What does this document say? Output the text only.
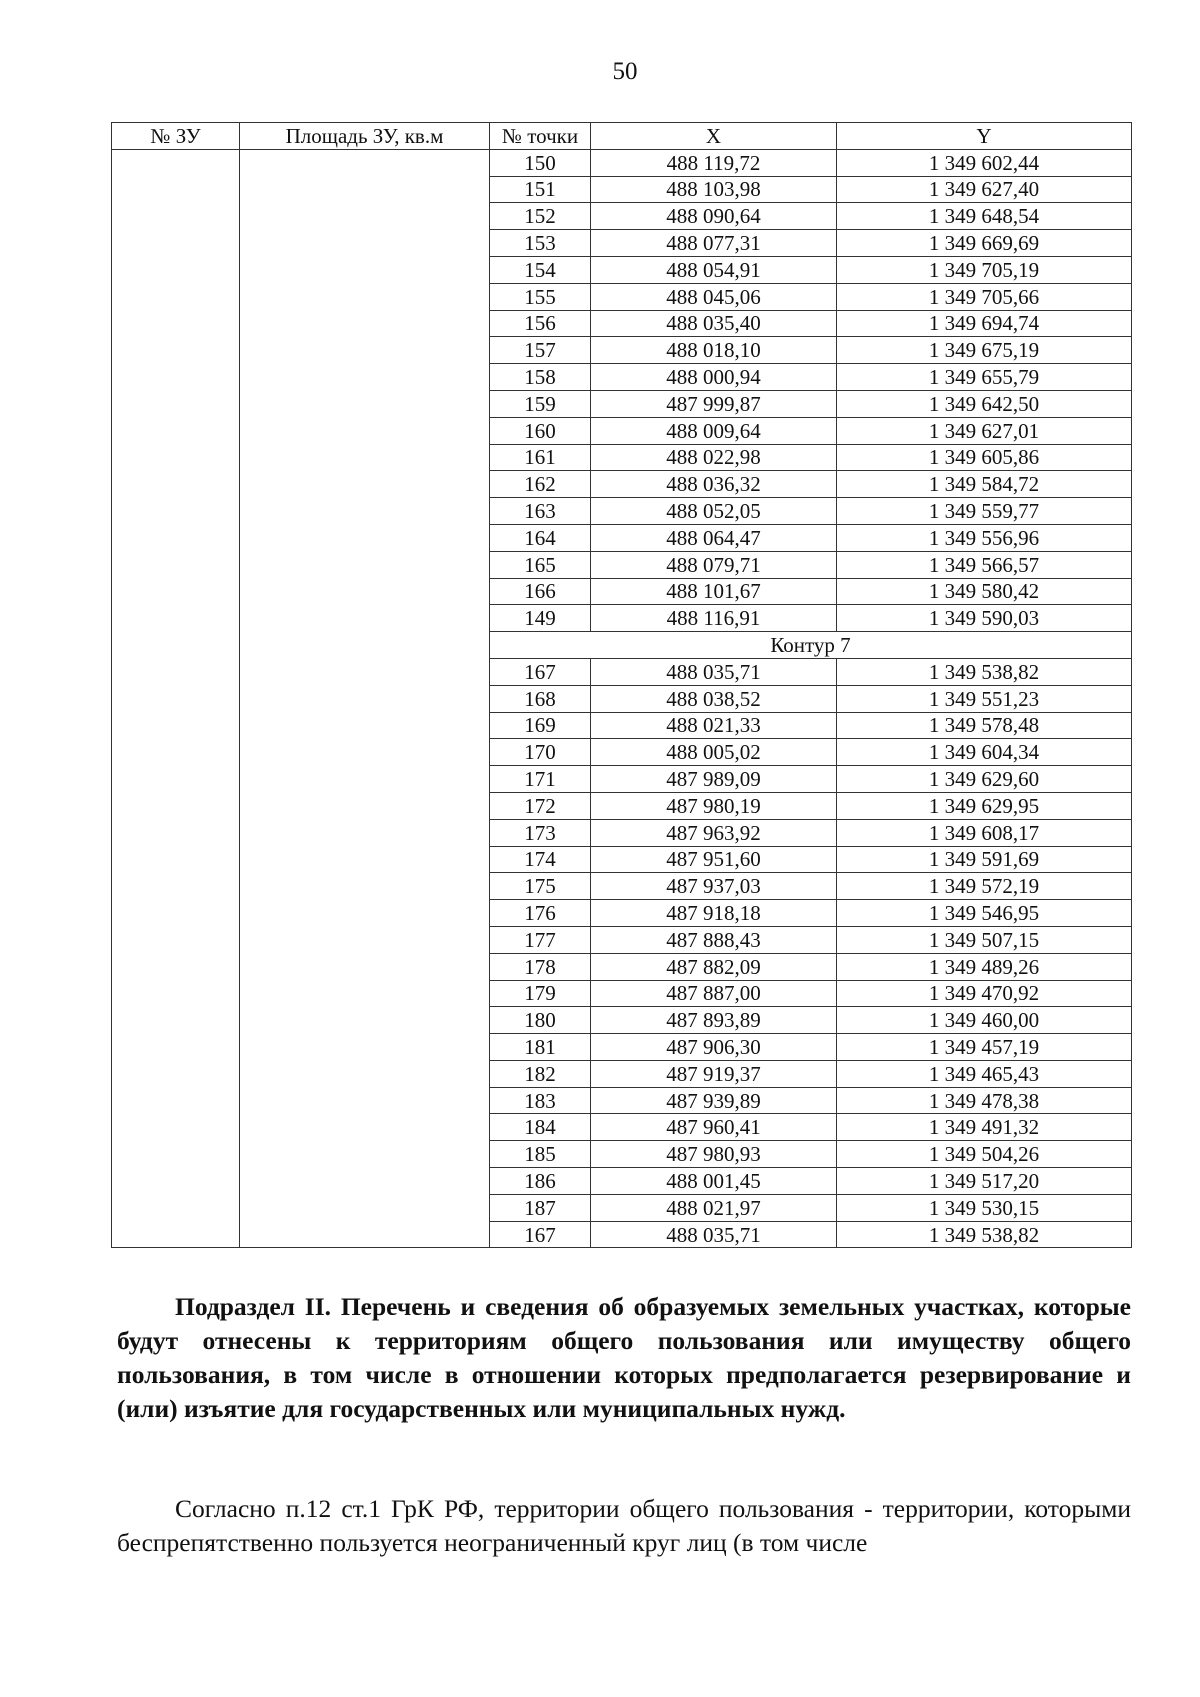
50
№ ЗУ	Площадь ЗУ, кв.м	№ точки	X	Y
		150	488 119,72	1 349 602,44
		151	488 103,98	1 349 627,40
		152	488 090,64	1 349 648,54
		153	488 077,31	1 349 669,69
		154	488 054,91	1 349 705,19
		155	488 045,06	1 349 705,66
		156	488 035,40	1 349 694,74
		157	488 018,10	1 349 675,19
		158	488 000,94	1 349 655,79
		159	487 999,87	1 349 642,50
		160	488 009,64	1 349 627,01
		161	488 022,98	1 349 605,86
		162	488 036,32	1 349 584,72
		163	488 052,05	1 349 559,77
		164	488 064,47	1 349 556,96
		165	488 079,71	1 349 566,57
		166	488 101,67	1 349 580,42
		149	488 116,91	1 349 590,03
		Контур 7		
		167	488 035,71	1 349 538,82
		168	488 038,52	1 349 551,23
		169	488 021,33	1 349 578,48
		170	488 005,02	1 349 604,34
		171	487 989,09	1 349 629,60
		172	487 980,19	1 349 629,95
		173	487 963,92	1 349 608,17
		174	487 951,60	1 349 591,69
		175	487 937,03	1 349 572,19
		176	487 918,18	1 349 546,95
		177	487 888,43	1 349 507,15
		178	487 882,09	1 349 489,26
		179	487 887,00	1 349 470,92
		180	487 893,89	1 349 460,00
		181	487 906,30	1 349 457,19
		182	487 919,37	1 349 465,43
		183	487 939,89	1 349 478,38
		184	487 960,41	1 349 491,32
		185	487 980,93	1 349 504,26
		186	488 001,45	1 349 517,20
		187	488 021,97	1 349 530,15
		167	488 035,71	1 349 538,82

Подраздел II. Перечень и сведения об образуемых земельных участках, которые будут отнесены к территориям общего пользования или имуществу общего пользования, в том числе в отношении которых предполагается резервирование и (или) изъятие для государственных или муниципальных нужд.

Согласно п.12 ст.1 ГрК РФ, территории общего пользования - территории, которыми беспрепятственно пользуется неограниченный круг лиц (в том числе
